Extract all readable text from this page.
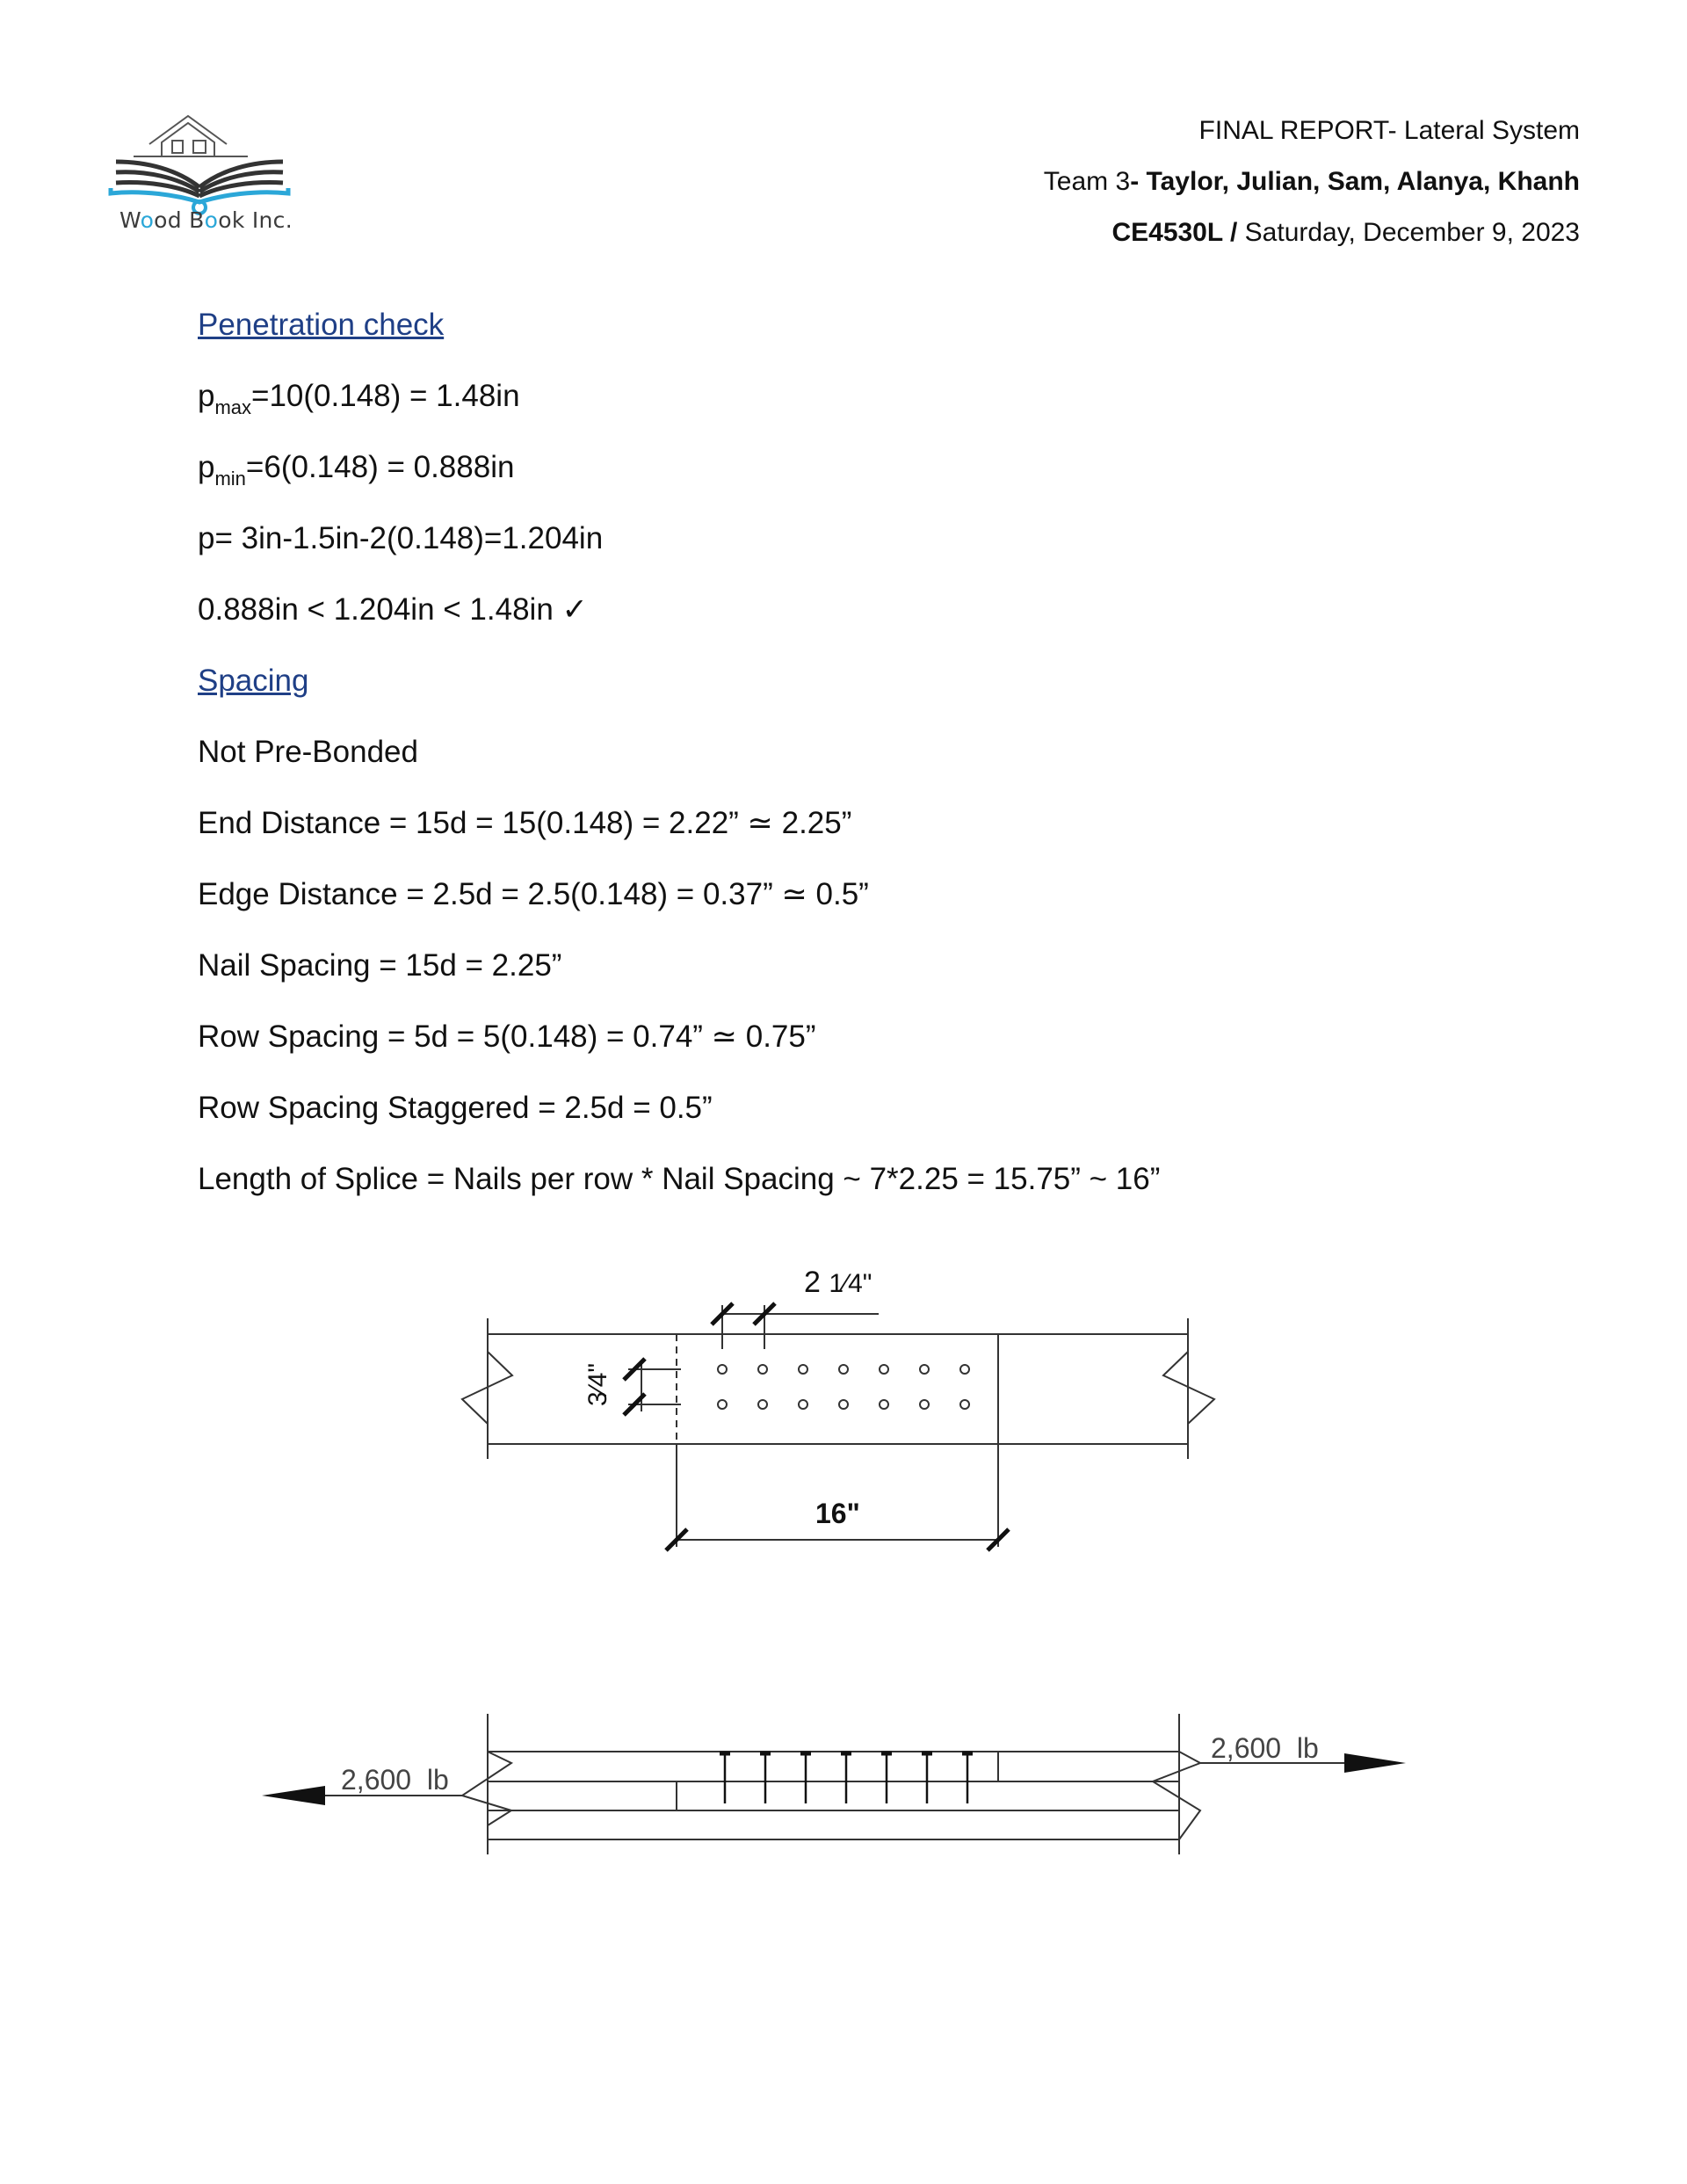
Wood Book Inc.
FINAL REPORT- Lateral System
Team 3- Taylor, Julian, Sam, Alanya, Khanh
CE4530L / Saturday, December 9, 2023
Penetration check
$p_{max}=10(0.148) = 1.48in$
$p_{min}=6(0.148) = 0.888in$
p= 3in-1.5in-2(0.148)=1.204in
0.888in < 1.204in < 1.48in ✓
Spacing
Not Pre-Bonded
End Distance = 15d = 15(0.148) = 2.22” ≃ 2.25”
Edge Distance = 2.5d = 2.5(0.148) = 0.37” ≃ 0.5”
Nail Spacing = 15d = 2.25”
Row Spacing = 5d = 5(0.148) = 0.74” ≃ 0.75”
Row Spacing Staggered = 2.5d = 0.5”
Length of Splice = Nails per row * Nail Spacing ~ 7*2.25 = 15.75” ~ 16”
2 1⁄4"
3⁄4"
16"
2,600  lb
2,600  lb
